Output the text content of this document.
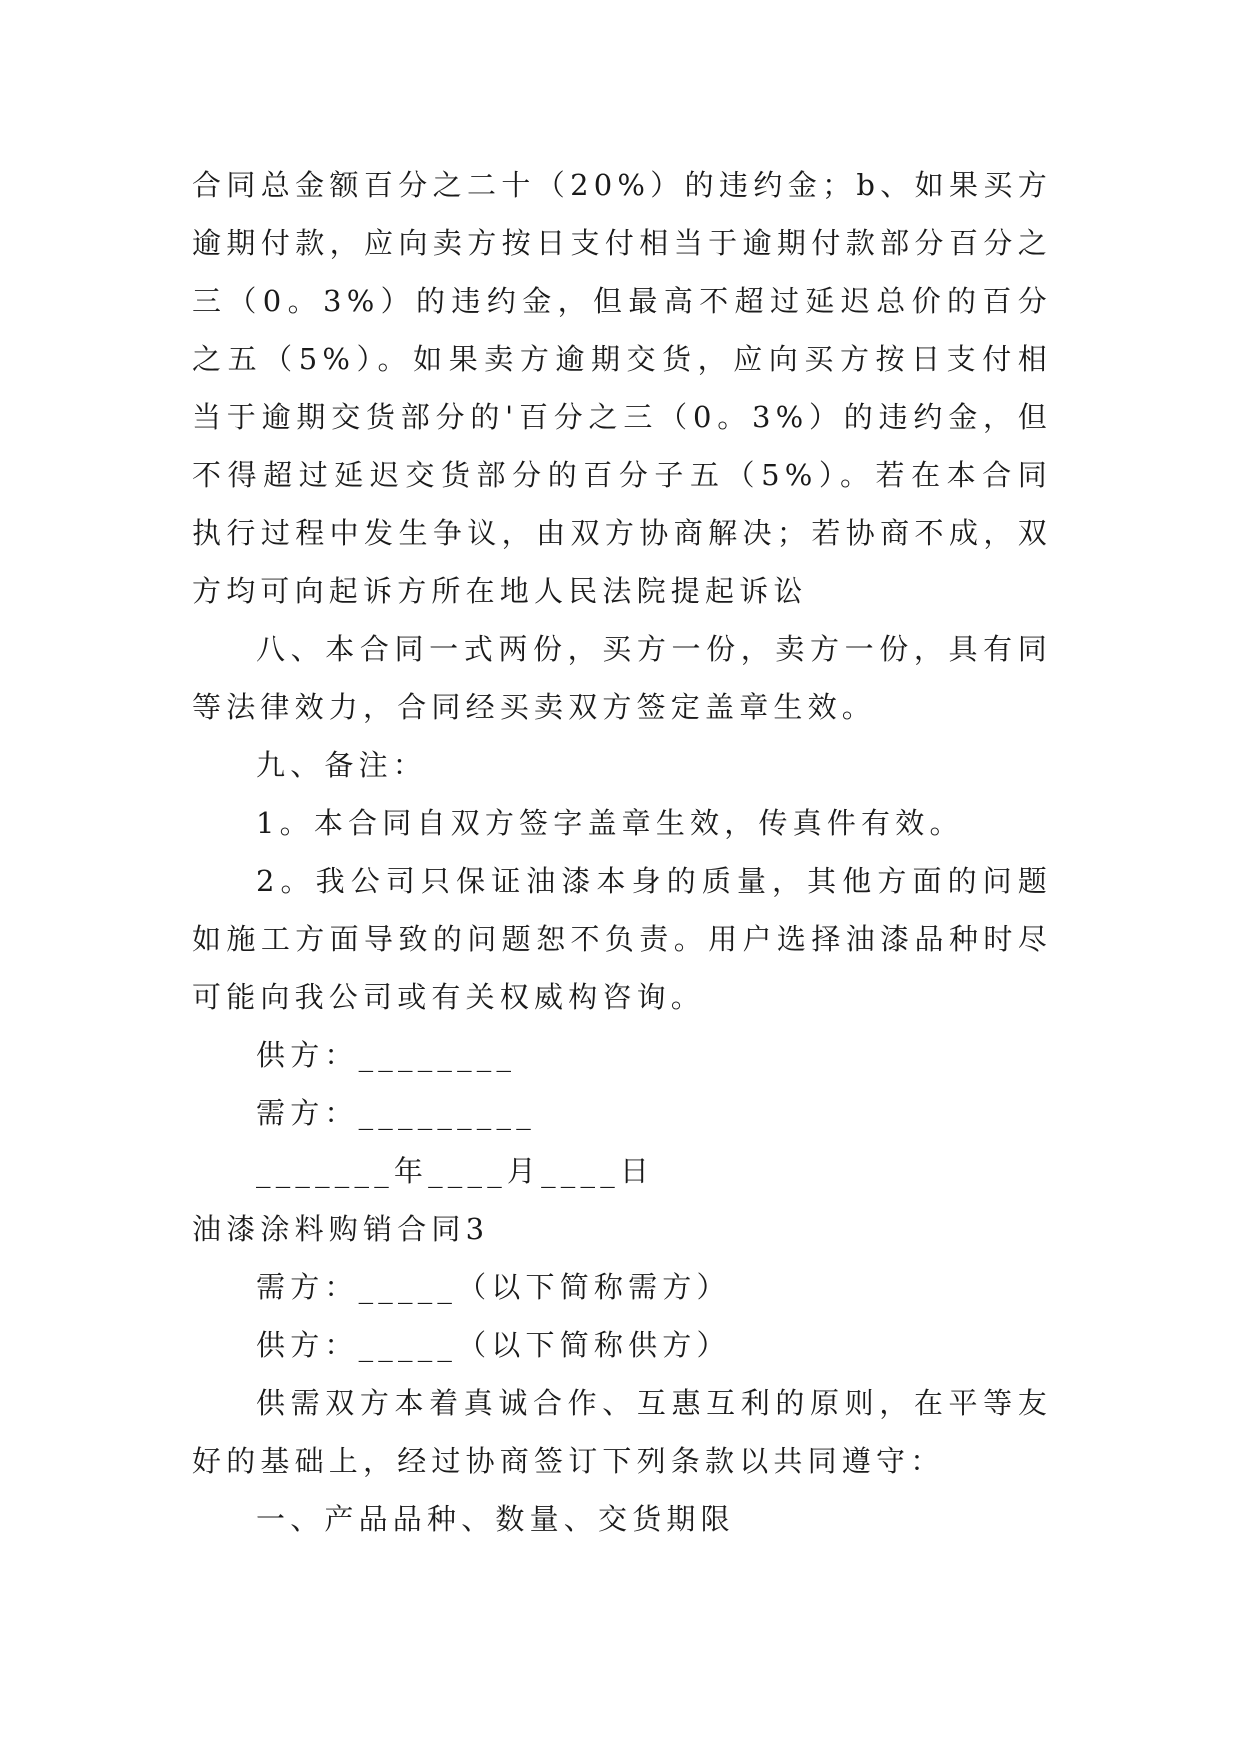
合同总金额百分之二十（20%）的违约金；b、如果买方逾期付款，应向卖方按日支付相当于逾期付款部分百分之三（0。3%）的违约金，但最高不超过延迟总价的百分之五（5%）。如果卖方逾期交货，应向买方按日支付相当于逾期交货部分的'百分之三（0。3%）的违约金，但不得超过延迟交货部分的百分子五（5%）。若在本合同执行过程中发生争议，由双方协商解决；若协商不成，双方均可向起诉方所在地人民法院提起诉讼

八、本合同一式两份，买方一份，卖方一份，具有同等法律效力，合同经买卖双方签定盖章生效。

九、备注：

1。本合同自双方签字盖章生效，传真件有效。

2。我公司只保证油漆本身的质量，其他方面的问题如施工方面导致的问题恕不负责。用户选择油漆品种时尽可能向我公司或有关权威构咨询。

供方：________

需方：_________

_______年____月____日

油漆涂料购销合同3

需方：_____（以下简称需方）

供方：_____（以下简称供方）

供需双方本着真诚合作、互惠互利的原则，在平等友好的基础上，经过协商签订下列条款以共同遵守：

一、产品品种、数量、交货期限
